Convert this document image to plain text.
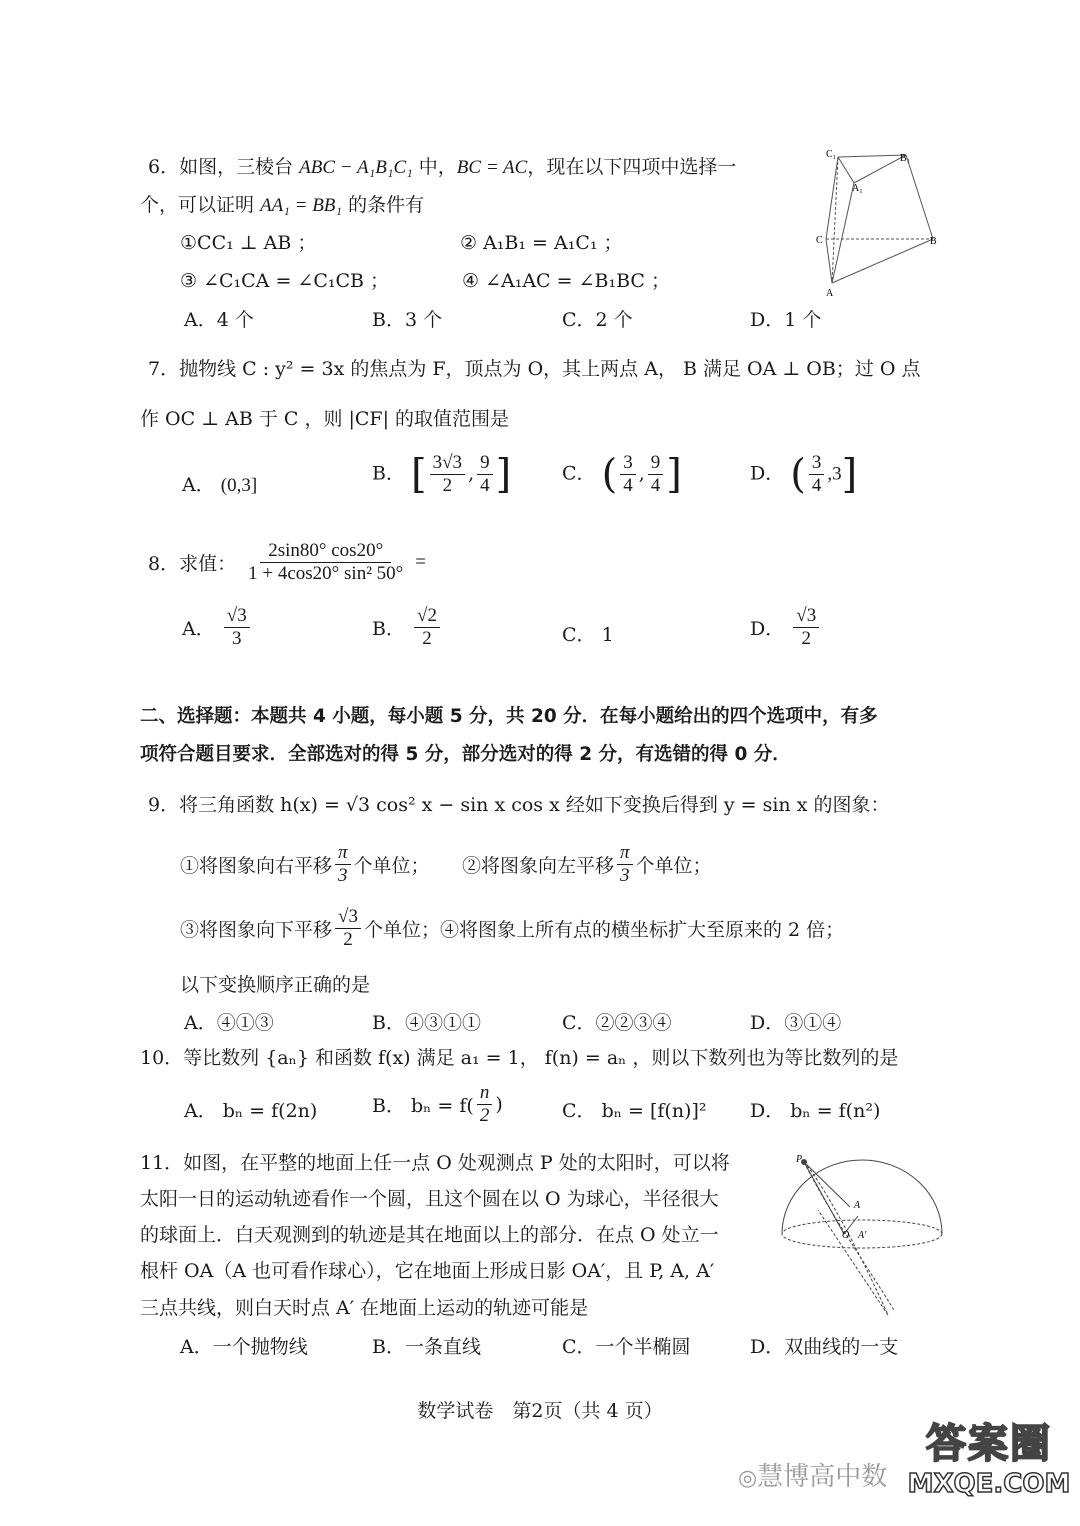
6．如图，三棱台 ABC − A₁B₁C₁ 中，BC = AC，现在以下四项中选择一
个，可以证明 AA₁ = BB₁ 的条件有
①CC₁ ⊥ AB ；	② A₁B₁ = A₁C₁ ；
③ ∠C₁CA = ∠C₁CB ；	④ ∠A₁AC = ∠B₁BC ；
A．4 个	B．3 个	C．2 个	D．1 个
C₁	B₁
A₁
C	B
A
7．抛物线 C : y² = 3x 的焦点为 F，顶点为 O，其上两点 A， B 满足 OA ⊥ OB；过 O 点
作 OC ⊥ AB 于 C ，则 |CF| 的取值范围是
A． (0,3]
B． [ $\frac{3√3}{2}$ , $\frac{9}{4}$ ]	C． ( $\frac{3}{4}$ , $\frac{9}{4}$ ]	D． ( $\frac{3}{4} ,3$]
8．求值： $\frac{2\sin 80^\circ \cos 20^\circ}{\text{1 + 4cos20° sin² 50°}}$ =
A． $\frac{√3}{3}$	B． $\frac{√2}{2}$	C． 1	D． $\frac{√3}{2}$
二、选择题：本题共 4 小题，每小题 5 分，共 20 分．在每小题给出的四个选项中，有多
项符合题目要求．全部选对的得 5 分，部分选对的得 2 分，有选错的得 0 分．
9．将三角函数 h(x) = √3 cos² x − sin x cos x 经如下变换后得到 y = sin x 的图象：
①将图象向右平移 $\frac{\pi}{3}$ 个单位； ②将图象向左平移 $\frac{\pi}{3}$ 个单位；
③将图象向下平移 $\frac{√3}{2}$ 个单位；④将图象上所有点的横坐标扩大至原来的 2 倍；
以下变换顺序正确的是
A．④①③	B．④③①①	C．②②③④	D．③①④
10．等比数列 {aₙ} 和函数 f(x) 满足 a₁ = 1， f(n) = aₙ ，则以下数列也为等比数列的是
A． bₙ = f(2n)	B． $b_n = f( \frac{n}{2}$ )	C． bₙ = [f(n)]² D． bₙ = f(n²)
11．如图，在平整的地面上任一点 O 处观测点 P 处的太阳时，可以将
太阳一日的运动轨迹看作一个圆，且这个圆在以 O 为球心，半径很大
的球面上．白天观测到的轨迹是其在地面以上的部分．在点 O 处立一
根杆 OA（A 也可看作球心），它在地面上形成日影 OA′，且 P, A, A′
三点共线，则白天时点 A′ 在地面上运动的轨迹可能是
A．一个抛物线	B．一条直线	C．一个半椭圆	D．双曲线的一支
P
A
O A′
数学试卷　第2页（共 4 页）
◎慧博高中数
答案圈
MXQE.COM
